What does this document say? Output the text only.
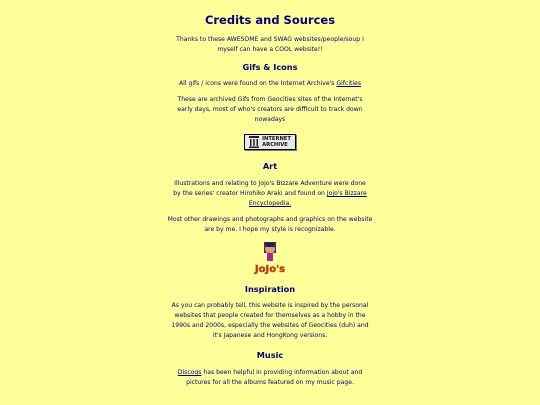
Credits and Sources

Thanks to these AWESOME and SWAG websites/people/soup I
myself can have a COOL website!!

Gifs & Icons

All gifs / icons were found on the Internet Archive's Gifcities

These are archived Gifs from Geocities sites of the Internet's
early days, most of who's creators are difficult to track down
nowadays

INTERNET
ARCHIVE
Art

Illustrations and relating to Jojo's Bizzare Adventure were done
by the series' creator Hirohiko Araki and found on Jojo's Bizzare
Encyclopedia.

Most other drawings and photographs and graphics on the website
are by me. I hope my style is recognizable.

JoJo's
Inspiration

As you can probably tell, this website is inspired by the personal
websites that people created for themselves as a hobby in the
1990s and 2000s, especially the websites of Geocities (duh) and
it's Japanese and HongKong versions.

Music

Discogs has been helpful in providing information about and
pictures for all the albums featured on my music page.
